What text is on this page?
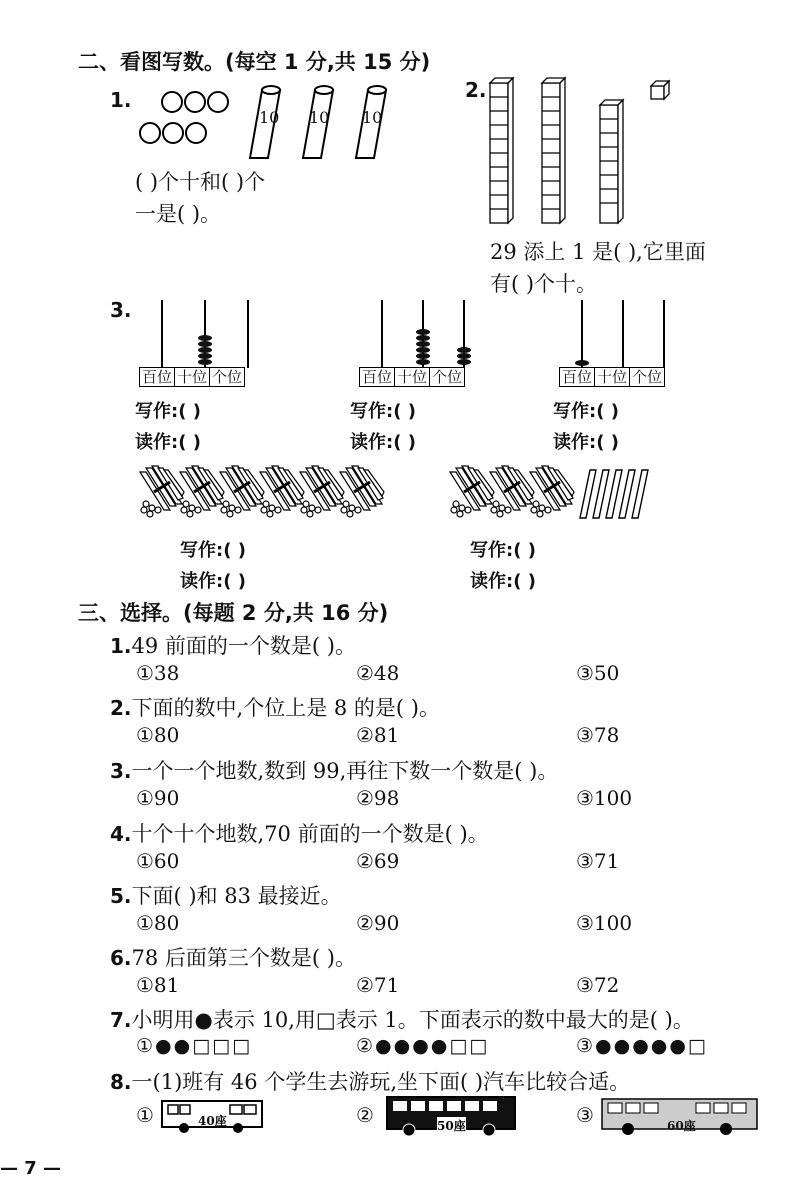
二、看图写数。(每空 1 分,共 15 分)
1.
10 10 10
( )个十和( )个
一是( )。
2.
29 添上 1 是( ),它里面
有( )个十。
3.
百位 十位 个位	百位 十位 个位	百位 十位 个位
写作:( )
读作:( )
写作:( )
读作:( )
写作:( )
读作:( )
写作:( )
读作:( )
写作:( )
读作:( )
三、选择。(每题 2 分,共 16 分)
1.49 前面的一个数是( )。
①38	②48	③50
2.下面的数中,个位上是 8 的是( )。
①80	②81	③78
3.一个一个地数,数到 99,再往下数一个数是( )。
①90	②98	③100
4.十个十个地数,70 前面的一个数是( )。
①60	②69	③71
5.下面( )和 83 最接近。
①80	②90	③100
6.78 后面第三个数是( )。
①81	②71	③72
7.小明用●表示 10,用□表示 1。下面表示的数中最大的是( )。
①●●□□□	②●●●●□□	③●●●●●□
8.一(1)班有 46 个学生去游玩,坐下面( )汽车比较合适。
①	②	③
40座	50座	60座
— 7 —
